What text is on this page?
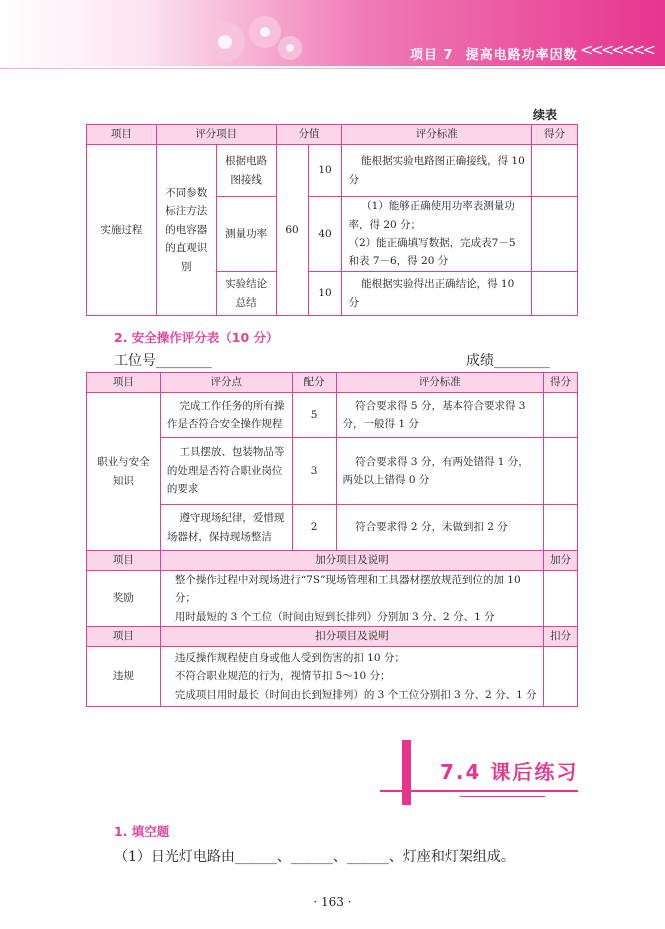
项目 7 提高电路功率因数 <<<<<<<
续表
项目	评分项目		分值		评分标准	得分
实施过程	不同参数标注方法的电容器的直观识别	根据电路图接线	60	10	能根据实验电路图正确接线，得 10 分	
		测量功率		40	（1）能够正确使用功率表测量功率，得 20 分；
（2）能正确填写数据，完成表7－5和表 7－6，得 20 分	
		实验结论总结		10	能根据实验得出正确结论，得 10 分	
2. 安全操作评分表（10 分）
工位号________	成绩________
项目	评分点	配分	评分标准	得分
职业与安全知识	完成工作任务的所有操作是否符合安全操作规程	5	符合要求得 5 分，基本符合要求得 3 分，一般得 1 分	
	工具摆放、包装物品等的处理是否符合职业岗位的要求	3	符合要求得 3 分，有两处错得 1 分，两处以上错得 0 分	
	遵守现场纪律，爱惜现场器材，保持现场整洁	2	符合要求得 2 分，未做到扣 2 分	
项目	加分项目及说明			加分
奖励	整个操作过程中对现场进行“7S”现场管理和工具器材摆放规范到位的加 10 分；
用时最短的 3 个工位（时间由短到长排列）分别加 3 分、2 分、1 分			
项目	扣分项目及说明			扣分
违规	违反操作规程使自身或他人受到伤害的扣 10 分；
不符合职业规范的行为，视情节扣 5～10 分；
完成项目用时最长（时间由长到短排列）的 3 个工位分别扣 3 分、2 分、1 分			
7.4 课后练习
1. 填空题
（1）日光灯电路由______、______、______、灯座和灯架组成。
· 163 ·
